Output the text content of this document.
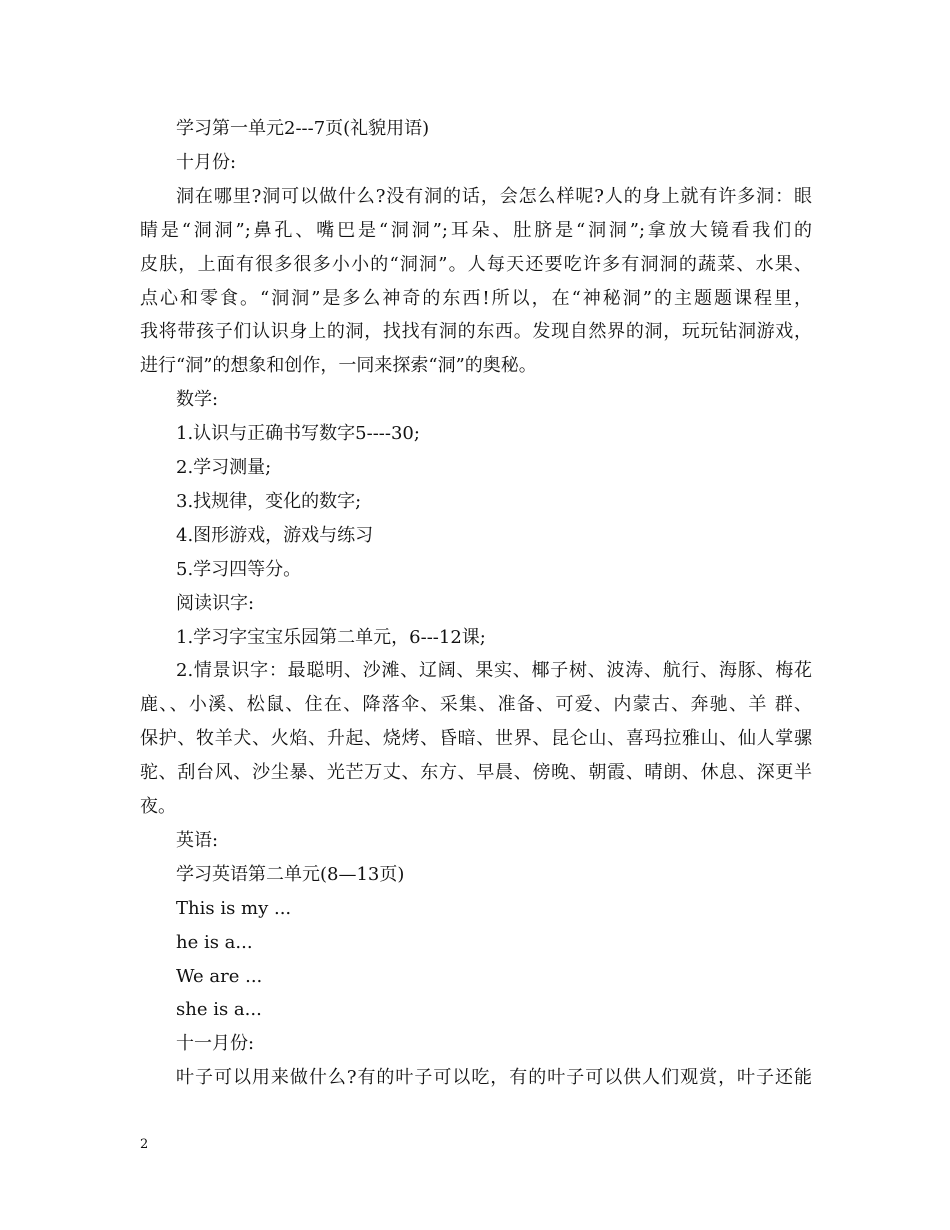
学习第一单元2---7页(礼貌用语)
十月份:
洞在哪里?洞可以做什么?没有洞的话，会怎么样呢?人的身上就有许多洞：眼
睛是“洞洞”;鼻孔、嘴巴是“洞洞”;耳朵、肚脐是“洞洞”;拿放大镜看我们的
皮肤，上面有很多很多小小的“洞洞”。人每天还要吃许多有洞洞的蔬菜、水果、
点心和零食。“洞洞”是多么神奇的东西!所以，在“神秘洞”的主题题课程里，
我将带孩子们认识身上的洞，找找有洞的东西。发现自然界的洞，玩玩钻洞游戏，
进行“洞”的想象和创作，一同来探索“洞”的奥秘。
数学:
1.认识与正确书写数字5----30;
2.学习测量;
3.找规律，变化的数字;
4.图形游戏，游戏与练习
5.学习四等分。
阅读识字:
1.学习字宝宝乐园第二单元，6---12课;
2.情景识字：最聪明、沙滩、辽阔、果实、椰子树、波涛、航行、海豚、梅花
鹿、、小溪、松鼠、住在、降落伞、采集、准备、可爱、内蒙古、奔驰、羊 群、
保护、牧羊犬、火焰、升起、烧烤、昏暗、世界、昆仑山、喜玛拉雅山、仙人掌骡
驼、刮台风、沙尘暴、光芒万丈、东方、早晨、傍晚、朝霞、晴朗、休息、深更半
夜。
英语:
学习英语第二单元(8—13页)
This is my ...
he is a...
We are ...
she is a...
十一月份:
叶子可以用来做什么?有的叶子可以吃，有的叶子可以供人们观赏，叶子还能
2
